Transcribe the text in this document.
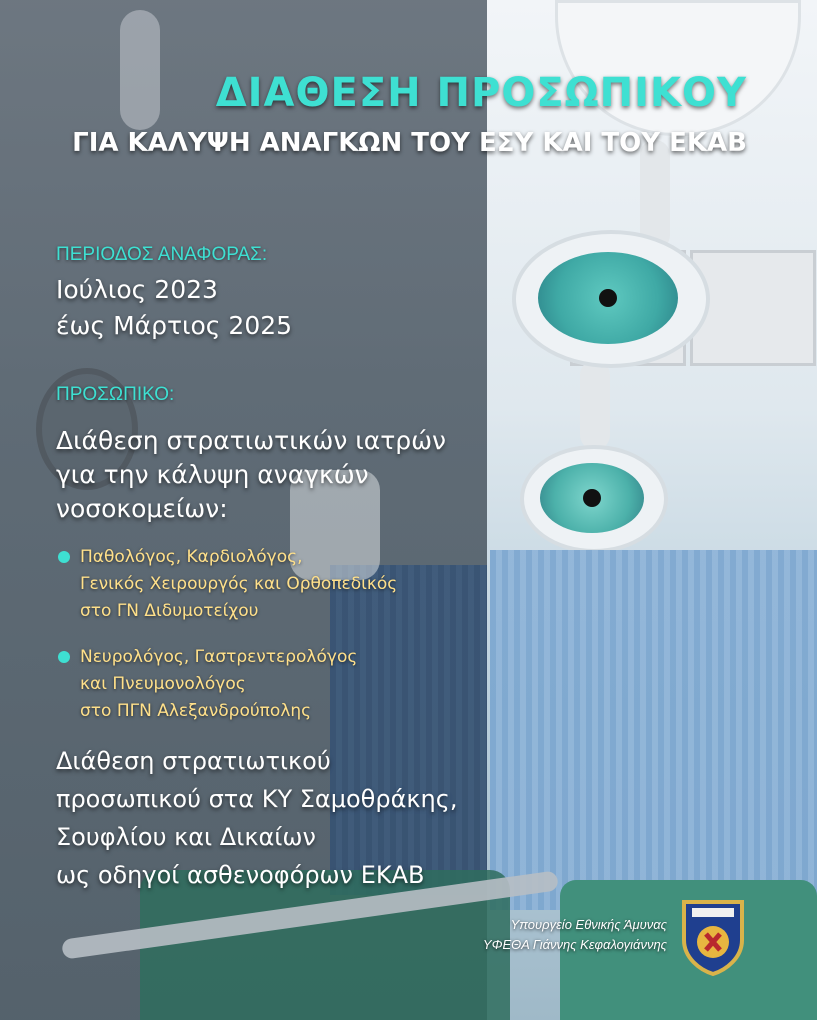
ΔΙΑΘΕΣΗ ΠΡΟΣΩΠΙΚΟΥ
ΓΙΑ ΚΑΛΥΨΗ ΑΝΑΓΚΩΝ ΤΟΥ ΕΣΥ ΚΑΙ ΤΟΥ ΕΚΑΒ
ΠΕΡΙΟΔΟΣ ΑΝΑΦΟΡΑΣ:
Ιούλιος 2023
έως Μάρτιος 2025
ΠΡΟΣΩΠΙΚΟ:
Διάθεση στρατιωτικών ιατρών
για την κάλυψη αναγκών
νοσοκομείων:
Παθολόγος, Καρδιολόγος,
Γενικός Χειρουργός και Ορθοπεδικός
στο ΓΝ Διδυμοτείχου
Νευρολόγος, Γαστρεντερολόγος
και Πνευμονολόγος
στο ΠΓΝ Αλεξανδρούπολης
Διάθεση στρατιωτικού
προσωπικού στα ΚΥ Σαμοθράκης,
Σουφλίου και Δικαίων
ως οδηγοί ασθενοφόρων ΕΚΑΒ
Υπουργείο Εθνικής Άμυνας
ΥΦΕΘΑ Γιάννης Κεφαλογιάννης
